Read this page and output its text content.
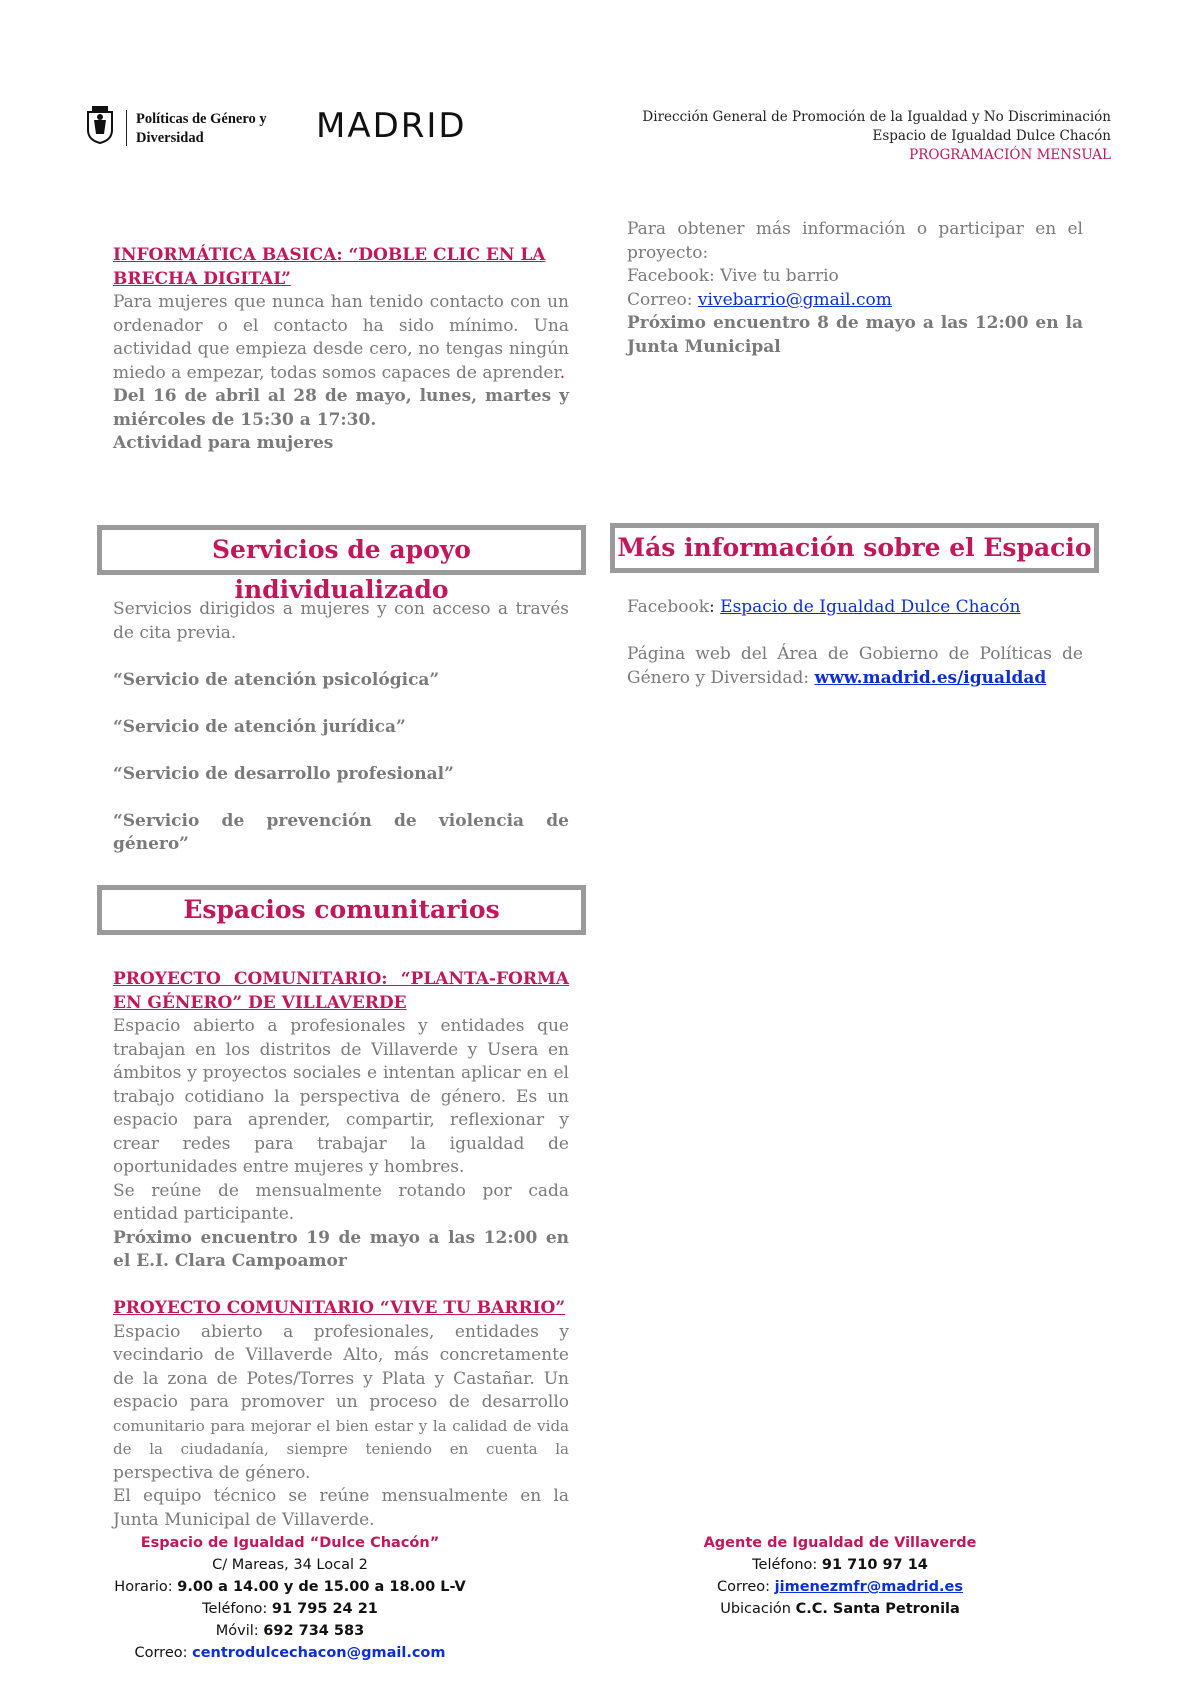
Políticas de Género y
Diversidad	MADRID	Dirección General de Promoción de la Igualdad y No Discriminación
Espacio de Igualdad Dulce Chacón
PROGRAMACIÓN MENSUAL

INFORMÁTICA BASICA: “DOBLE CLIC EN LA
BRECHA DIGITAL”

Para mujeres que nunca han tenido contacto con un ordenador o el contacto ha sido mínimo. Una actividad que empieza desde cero, no tengas ningún miedo a empezar, todas somos capaces de aprender.

Del 16 de abril al 28 de mayo, lunes, martes y miércoles de 15:30 a 17:30.

Actividad para mujeres

Para obtener más información o participar en el proyecto:

Facebook: Vive tu barrio

Correo: vivebarrio@gmail.com

Próximo encuentro 8 de mayo a las 12:00 en la Junta Municipal

Servicios de apoyo individualizado
Más información sobre el Espacio

Servicios dirigidos a mujeres y con acceso a través de cita previa.

“Servicio de atención psicológica”

“Servicio de atención jurídica”

“Servicio de desarrollo profesional”

“Servicio de prevención de violencia de género”

Facebook: Espacio de Igualdad Dulce Chacón

Página web del Área de Gobierno de Políticas de Género y Diversidad: www.madrid.es/igualdad

Espacios comunitarios

PROYECTO COMUNITARIO: “PLANTA-FORMA EN GÉNERO” DE VILLAVERDE

Espacio abierto a profesionales y entidades que trabajan en los distritos de Villaverde y Usera en ámbitos y proyectos sociales e intentan aplicar en el trabajo cotidiano la perspectiva de género. Es un espacio para aprender, compartir, reflexionar y crear redes para trabajar la igualdad de oportunidades entre mujeres y hombres.

Se reúne de mensualmente rotando por cada entidad participante.

Próximo encuentro 19 de mayo a las 12:00 en el E.I. Clara Campoamor

PROYECTO COMUNITARIO “VIVE TU BARRIO”

Espacio abierto a profesionales, entidades y vecindario de Villaverde Alto, más concretamente de la zona de Potes/Torres y Plata y Castañar. Un espacio para promover un proceso de desarrollo comunitario para mejorar el bien estar y la calidad de vida de la ciudadanía, siempre teniendo en cuenta la perspectiva de género.

El equipo técnico se reúne mensualmente en la Junta Municipal de Villaverde.

Espacio de Igualdad “Dulce Chacón”
C/ Mareas, 34 Local 2
Horario: 9.00 a 14.00 y de 15.00 a 18.00 L-V
Teléfono: 91 795 24 21
Móvil: 692 734 583
Correo: centrodulcechacon@gmail.com
Agente de Igualdad de Villaverde
Teléfono: 91 710 97 14
Correo: jimenezmfr@madrid.es
Ubicación C.C. Santa Petronila
